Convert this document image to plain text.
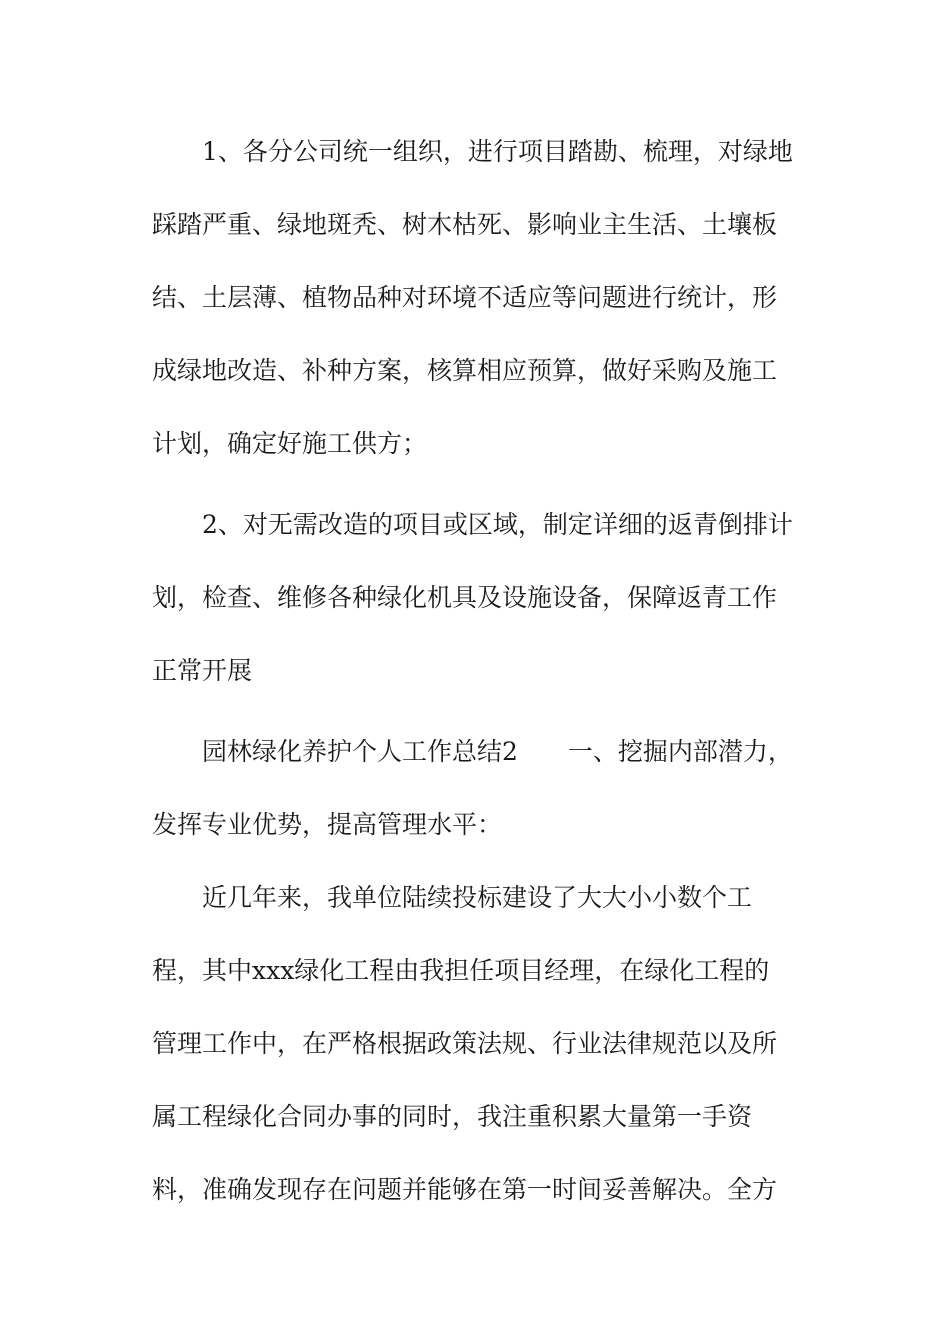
1、各分公司统一组织，进行项目踏勘、梳理，对绿地

踩踏严重、绿地斑秃、树木枯死、影响业主生活、土壤板

结、土层薄、植物品种对环境不适应等问题进行统计，形

成绿地改造、补种方案，核算相应预算，做好采购及施工

计划，确定好施工供方；

2、对无需改造的项目或区域，制定详细的返青倒排计

划，检查、维修各种绿化机具及设施设备，保障返青工作

正常开展

园林绿化养护个人工作总结2　　一、挖掘内部潜力，

发挥专业优势，提高管理水平：

近几年来，我单位陆续投标建设了大大小小数个工

程，其中xxx绿化工程由我担任项目经理，在绿化工程的

管理工作中，在严格根据政策法规、行业法律规范以及所

属工程绿化合同办事的同时，我注重积累大量第一手资

料，准确发现存在问题并能够在第一时间妥善解决。全方
